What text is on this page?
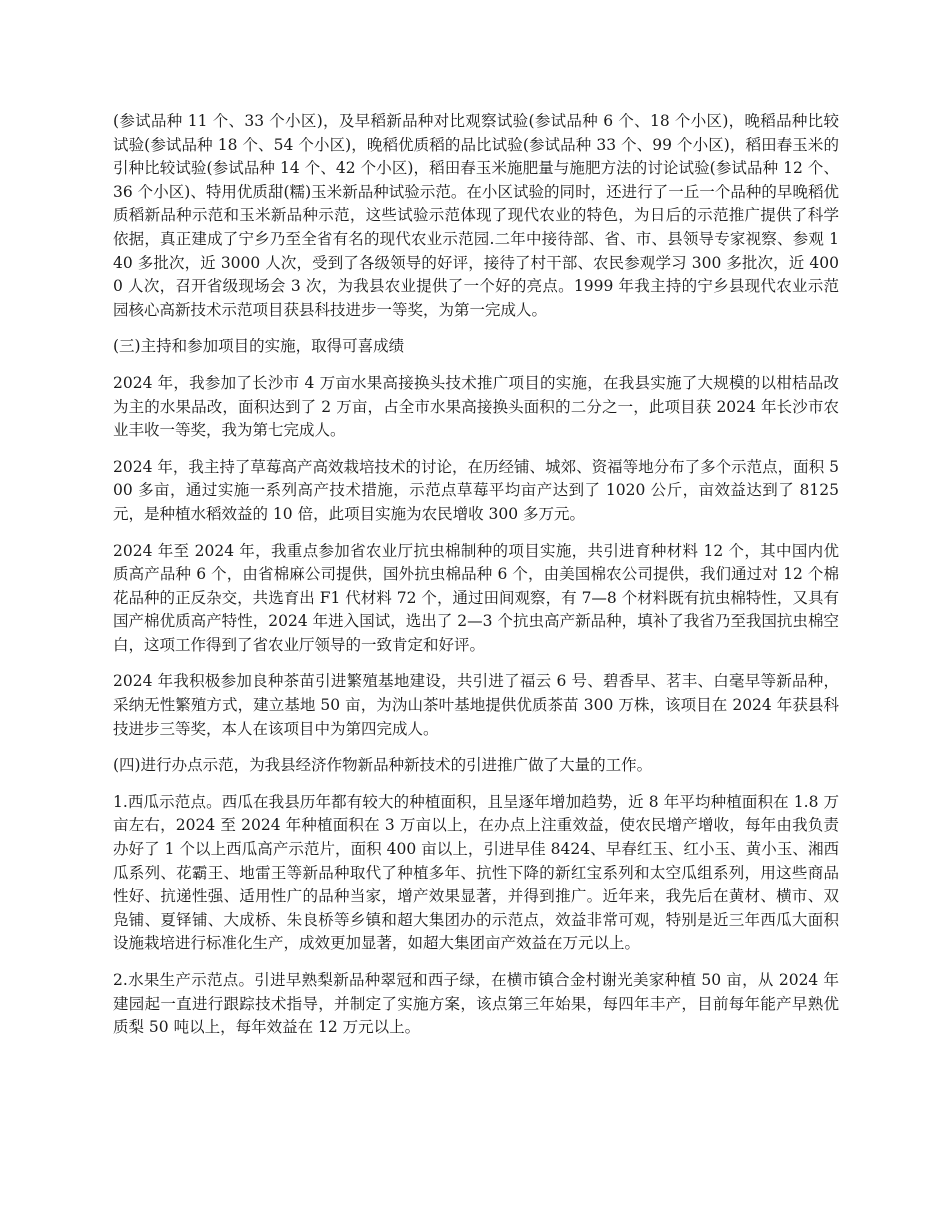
(参试品种 11 个、33 个小区)，及早稻新品种对比观察试验(参试品种 6 个、18 个小区)，晚稻品种比较试验(参试品种 18 个、54 个小区)，晚稻优质稻的品比试验(参试品种 33 个、99 个小区)，稻田春玉米的引种比较试验(参试品种 14 个、42 个小区)，稻田春玉米施肥量与施肥方法的讨论试验(参试品种 12 个、36 个小区)、特用优质甜(糯)玉米新品种试验示范。在小区试验的同时，还进行了一丘一个品种的早晚稻优质稻新品种示范和玉米新品种示范，这些试验示范体现了现代农业的特色，为日后的示范推广提供了科学依据，真正建成了宁乡乃至全省有名的现代农业示范园.二年中接待部、省、市、县领导专家视察、参观 140 多批次，近 3000 人次，受到了各级领导的好评，接待了村干部、农民参观学习 300 多批次，近 4000 人次，召开省级现场会 3 次，为我县农业提供了一个好的亮点。1999 年我主持的宁乡县现代农业示范园核心高新技术示范项目获县科技进步一等奖，为第一完成人。

(三)主持和参加项目的实施，取得可喜成绩

2024 年，我参加了长沙市 4 万亩水果高接换头技术推广项目的实施，在我县实施了大规模的以柑桔品改为主的水果品改，面积达到了 2 万亩，占全市水果高接换头面积的二分之一，此项目获 2024 年长沙市农业丰收一等奖，我为第七完成人。

2024 年，我主持了草莓高产高效栽培技术的讨论，在历经铺、城郊、资福等地分布了多个示范点，面积 500 多亩，通过实施一系列高产技术措施，示范点草莓平均亩产达到了 1020 公斤，亩效益达到了 8125 元，是种植水稻效益的 10 倍，此项目实施为农民增收 300 多万元。

2024 年至 2024 年，我重点参加省农业厅抗虫棉制种的项目实施，共引进育种材料 12 个，其中国内优质高产品种 6 个，由省棉麻公司提供，国外抗虫棉品种 6 个，由美国棉农公司提供，我们通过对 12 个棉花品种的正反杂交，共选育出 F1 代材料 72 个，通过田间观察，有 7—8 个材料既有抗虫棉特性，又具有国产棉优质高产特性，2024 年进入国试，选出了 2—3 个抗虫高产新品种，填补了我省乃至我国抗虫棉空白，这项工作得到了省农业厅领导的一致肯定和好评。

2024 年我积极参加良种茶苗引进繁殖基地建设，共引进了福云 6 号、碧香早、茗丰、白毫早等新品种，采纳无性繁殖方式，建立基地 50 亩，为沩山茶叶基地提供优质茶苗 300 万株，该项目在 2024 年获县科技进步三等奖，本人在该项目中为第四完成人。

(四)进行办点示范，为我县经济作物新品种新技术的引进推广做了大量的工作。

1.西瓜示范点。西瓜在我县历年都有较大的种植面积，且呈逐年增加趋势，近 8 年平均种植面积在 1.8 万亩左右，2024 至 2024 年种植面积在 3 万亩以上，在办点上注重效益，使农民增产增收，每年由我负责办好了 1 个以上西瓜高产示范片，面积 400 亩以上，引进早佳 8424、早春红玉、红小玉、黄小玉、湘西瓜系列、花霸王、地雷王等新品种取代了种植多年、抗性下降的新红宝系列和太空瓜组系列，用这些商品性好、抗递性强、适用性广的品种当家，增产效果显著，并得到推广。近年来，我先后在黄材、横市、双凫铺、夏铎铺、大成桥、朱良桥等乡镇和超大集团办的示范点，效益非常可观，特别是近三年西瓜大面积设施栽培进行标准化生产，成效更加显著，如超大集团亩产效益在万元以上。

2.水果生产示范点。引进早熟梨新品种翠冠和西子绿，在横市镇合金村谢光美家种植 50 亩，从 2024 年建园起一直进行跟踪技术指导，并制定了实施方案，该点第三年始果，每四年丰产，目前每年能产早熟优质梨 50 吨以上，每年效益在 12 万元以上。
